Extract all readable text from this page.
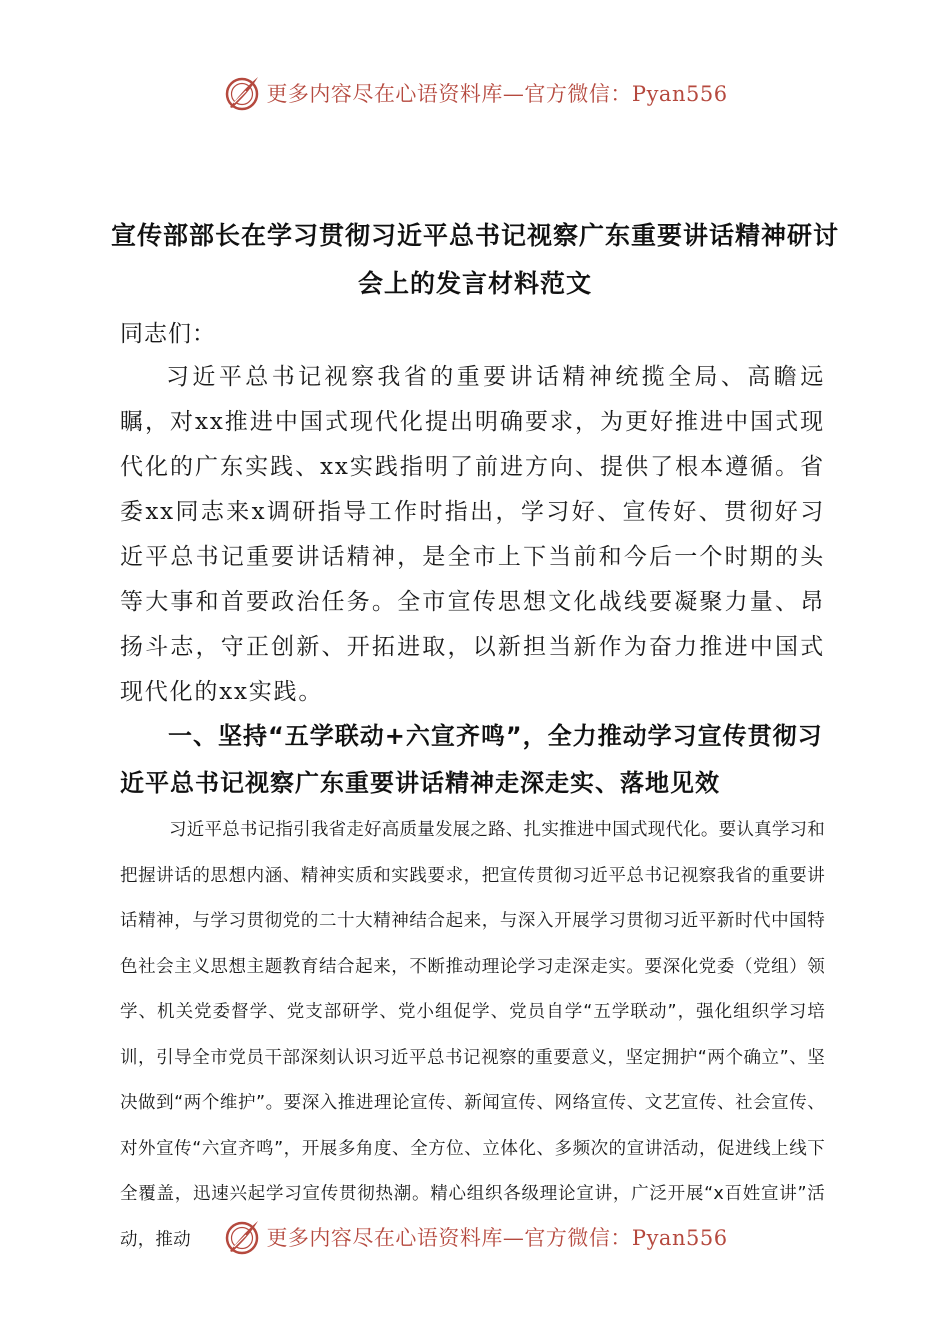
更多内容尽在心语资料库—官方微信：Pyan556
宣传部部长在学习贯彻习近平总书记视察广东重要讲话精神研讨会上的发言材料范文
同志们：
习近平总书记视察我省的重要讲话精神统揽全局、高瞻远瞩，对xx推进中国式现代化提出明确要求，为更好推进中国式现代化的广东实践、xx实践指明了前进方向、提供了根本遵循。省委xx同志来x调研指导工作时指出，学习好、宣传好、贯彻好习近平总书记重要讲话精神，是全市上下当前和今后一个时期的头等大事和首要政治任务。全市宣传思想文化战线要凝聚力量、昂扬斗志，守正创新、开拓进取，以新担当新作为奋力推进中国式现代化的xx实践。
一、坚持“五学联动+六宣齐鸣”，全力推动学习宣传贯彻习近平总书记视察广东重要讲话精神走深走实、落地见效
习近平总书记指引我省走好高质量发展之路、扎实推进中国式现代化。要认真学习和把握讲话的思想内涵、精神实质和实践要求，把宣传贯彻习近平总书记视察我省的重要讲话精神，与学习贯彻党的二十大精神结合起来，与深入开展学习贯彻习近平新时代中国特色社会主义思想主题教育结合起来，不断推动理论学习走深走实。要深化党委（党组）领学、机关党委督学、党支部研学、党小组促学、党员自学“五学联动”，强化组织学习培训，引导全市党员干部深刻认识习近平总书记视察的重要意义，坚定拥护“两个确立”、坚决做到“两个维护”。要深入推进理论宣传、新闻宣传、网络宣传、文艺宣传、社会宣传、对外宣传“六宣齐鸣”，开展多角度、全方位、立体化、多频次的宣讲活动，促进线上线下全覆盖，迅速兴起学习宣传贯彻热潮。精心组织各级理论宣讲，广泛开展“x百姓宣讲”活动，推动	更多内容尽在心语资料库—官方微信：Pyan556
